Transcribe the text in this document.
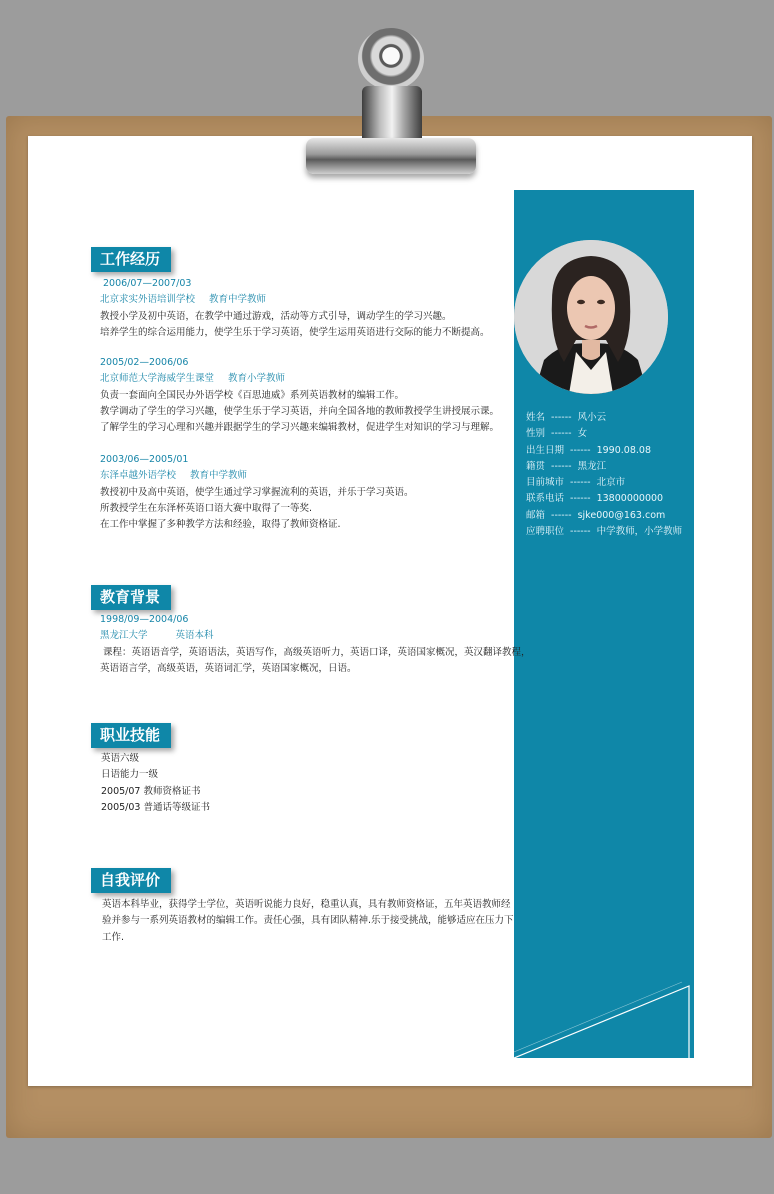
姓名 ------ 风小云
性别 ------ 女
出生日期 ------ 1990.08.08
籍贯 ------ 黑龙江
目前城市 ------ 北京市
联系电话 ------ 13800000000
邮箱 ------ sjke000@163.com
应聘职位 ------ 中学教师，小学教师
工作经历
2006/07—2007/03
北京求实外语培训学校 教育中学教师
教授小学及初中英语，在教学中通过游戏，活动等方式引导，调动学生的学习兴趣。
培养学生的综合运用能力，使学生乐于学习英语，使学生运用英语进行交际的能力不断提高。
2005/02—2006/06
北京师范大学海威学生课堂 教育小学教师
负责一套面向全国民办外语学校《百思迪威》系列英语教材的编辑工作。
教学调动了学生的学习兴趣，使学生乐于学习英语，并向全国各地的教师教授学生讲授展示课。
了解学生的学习心理和兴趣并跟据学生的学习兴趣来编辑教材，促进学生对知识的学习与理解。
2003/06—2005/01
东泽卓越外语学校 教育中学教师
教授初中及高中英语，使学生通过学习掌握流利的英语，并乐于学习英语。
所教授学生在东泽杯英语口语大赛中取得了一等奖.
在工作中掌握了多种教学方法和经验，取得了教师资格证.
教育背景
1998/09—2004/06
黑龙江大学	英语本科
课程：英语语音学，英语语法，英语写作，高级英语听力，英语口译，英语国家概况，英汉翻译教程，
英语语言学，高级英语，英语词汇学，英语国家概况，日语。
职业技能
英语六级
日语能力一级
2005/07 教师资格证书
2005/03 普通话等级证书
自我评价
英语本科毕业，获得学士学位，英语听说能力良好，稳重认真，具有教师资格证，五年英语教师经
验并参与一系列英语教材的编辑工作。责任心强，具有团队精神.乐于接受挑战，能够适应在压力下
工作.
